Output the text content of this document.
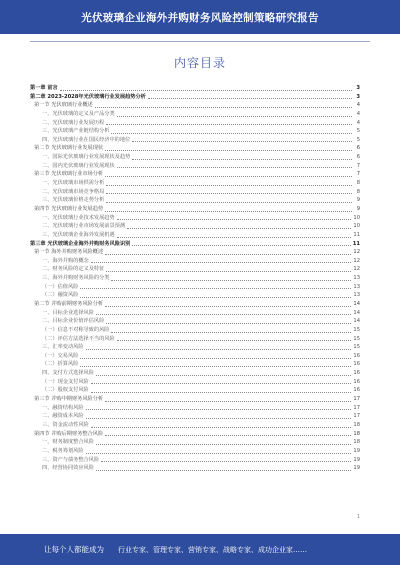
光伏玻璃企业海外并购财务风险控制策略研究报告
内容目录
第一章 前言	3
第二章 2023-2028年光伏玻璃行业发展趋势分析	3
第一节 光伏玻璃行业概述	4
一、光伏玻璃的定义及产品分类	4
二、光伏玻璃行业发展历程	4
三、光伏玻璃产业链结构分析	5
四、光伏玻璃行业在国民经济中的地位	5
第二节 光伏玻璃行业发展现状	6
一、国际光伏玻璃行业发展现状及趋势	6
二、国内光伏玻璃行业发展现状	7
第三节 光伏玻璃行业市场分析	7
一、光伏玻璃市场供需分析	8
二、光伏玻璃市场竞争格局	8
三、光伏玻璃价格走势分析	9
第四节 光伏玻璃行业发展趋势	9
一、光伏玻璃行业技术发展趋势	10
二、光伏玻璃行业市场发展前景预测	10
三、光伏玻璃企业海外发展机遇	11
第三章 光伏玻璃企业海外并购财务风险识别	11
第一节 海外并购财务风险概述	12
一、海外并购的概念	12
二、财务风险的定义及特征	12
三、海外并购财务风险的分类	13
（一）估值风险	13
（二）融资风险	13
第二节 并购前期财务风险分析	14
一、目标企业选择风险	14
二、目标企业价值评估风险	14
（一）信息不对称导致的风险	15
（二）评估方法选择不当的风险	15
三、汇率变动风险	15
（一）交易风险	16
（二）折算风险	16
四、支付方式选择风险	16
（一）现金支付风险	16
（二）股权支付风险	16
第三节 并购中期财务风险分析	17
一、融资结构风险	17
二、融资成本风险	17
三、资金流动性风险	18
第四节 并购后期财务整合风险	18
一、财务制度整合风险	18
二、税务筹划风险	19
三、资产与债务整合风险	19
四、经营协同效应风险	19
1
让每个人都能成为 行业专家、管理专家、营销专家、战略专家、成功企业家……
